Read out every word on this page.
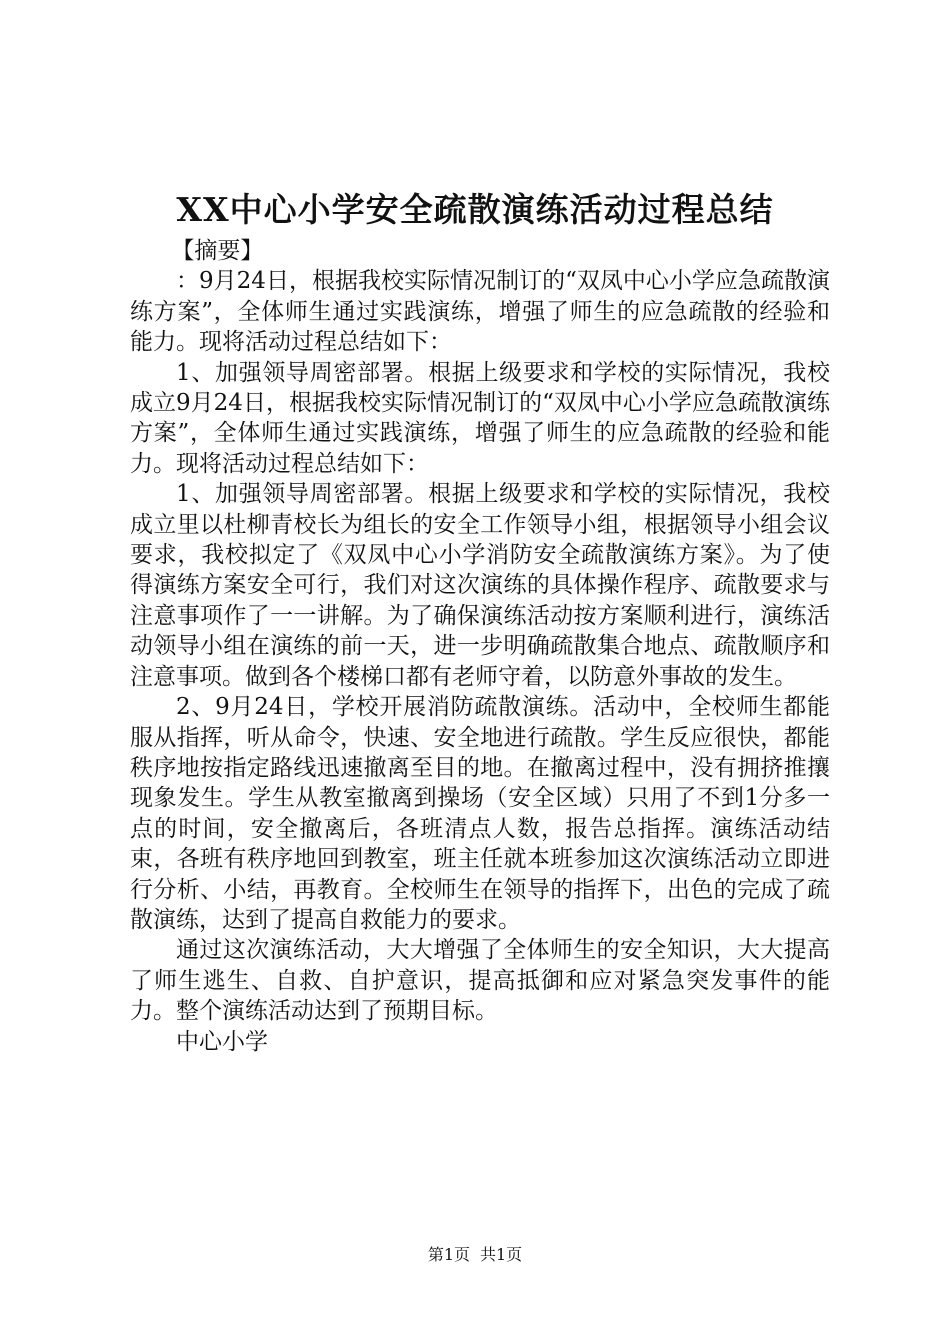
XX中心小学安全疏散演练活动过程总结

【摘要】

：9月24日，根据我校实际情况制订的“双凤中心小学应急疏散演练方案”，全体师生通过实践演练，增强了师生的应急疏散的经验和能力。现将活动过程总结如下：

1、加强领导周密部署。根据上级要求和学校的实际情况，我校成立9月24日，根据我校实际情况制订的“双凤中心小学应急疏散演练方案”，全体师生通过实践演练，增强了师生的应急疏散的经验和能力。现将活动过程总结如下：

1、加强领导周密部署。根据上级要求和学校的实际情况，我校成立里以杜柳青校长为组长的安全工作领导小组，根据领导小组会议要求，我校拟定了《双凤中心小学消防安全疏散演练方案》。为了使得演练方案安全可行，我们对这次演练的具体操作程序、疏散要求与注意事项作了一一讲解。为了确保演练活动按方案顺利进行，演练活动领导小组在演练的前一天，进一步明确疏散集合地点、疏散顺序和注意事项。做到各个楼梯口都有老师守着，以防意外事故的发生。

2、9月24日，学校开展消防疏散演练。活动中，全校师生都能服从指挥，听从命令，快速、安全地进行疏散。学生反应很快，都能秩序地按指定路线迅速撤离至目的地。在撤离过程中，没有拥挤推攘现象发生。学生从教室撤离到操场（安全区域）只用了不到1分多一点的时间，安全撤离后，各班清点人数，报告总指挥。演练活动结束，各班有秩序地回到教室，班主任就本班参加这次演练活动立即进行分析、小结，再教育。全校师生在领导的指挥下，出色的完成了疏散演练，达到了提高自救能力的要求。

通过这次演练活动，大大增强了全体师生的安全知识，大大提高了师生逃生、自救、自护意识，提高抵御和应对紧急突发事件的能力。整个演练活动达到了预期目标。

中心小学

第1页 共1页
